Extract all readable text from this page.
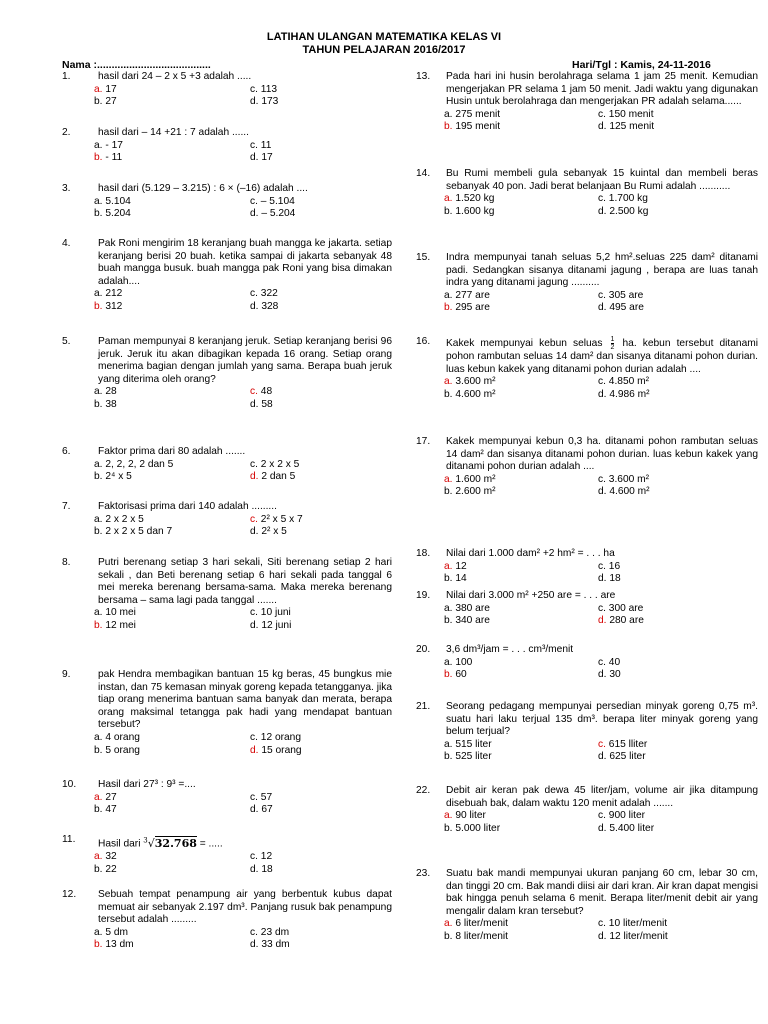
LATIHAN ULANGAN MATEMATIKA KELAS VI
TAHUN PELAJARAN 2016/2017
Nama :.......................................	Hari/Tgl : Kamis, 24-11-2016
1.	hasil dari 24 – 2 x 5 +3 adalah .....
a. 17	c. 113
b. 27	d. 173
2.	hasil dari – 14 +21 : 7 adalah ......
a. - 17	c. 11
b. - 11	d. 17
3.	hasil dari (5.129 – 3.215) : 6 × (–16) adalah ....
a. 5.104	c. – 5.104
b. 5.204	d. – 5.204
4.	Pak Roni mengirim 18 keranjang buah mangga ke jakarta. setiap keranjang berisi 20 buah. ketika sampai di jakarta sebanyak 48 buah mangga busuk. buah mangga pak Roni yang bisa dimakan adalah....
a. 212	c. 322
b. 312	d. 328
5.	Paman mempunyai 8 keranjang jeruk. Setiap keranjang berisi 96 jeruk. Jeruk itu akan dibagikan kepada 16 orang. Setiap orang menerima bagian dengan jumlah yang sama. Berapa buah jeruk yang diterima oleh orang?
a. 28	c. 48
b. 38	d. 58
6.	Faktor prima dari 80 adalah .......
a. 2, 2, 2, 2 dan 5	c. 2 x 2 x 5
b. 2⁴ x 5	d. 2 dan 5
7.	Faktorisasi prima dari 140 adalah .........
a. 2 x 2 x 5	c. 2² x 5 x 7
b. 2 x 2 x 5 dan 7	d. 2² x 5
8.	Putri berenang setiap 3 hari sekali, Siti berenang setiap 2 hari sekali , dan Beti berenang setiap 6 hari sekali pada tanggal 6 mei mereka berenang bersama-sama. Maka mereka berenang bersama – sama lagi pada tanggal .......
a. 10 mei	c. 10 juni
b. 12 mei	d. 12 juni
9.	pak Hendra membagikan bantuan 15 kg beras, 45 bungkus mie instan, dan 75 kemasan minyak goreng kepada tetangganya. jika tiap orang menerima bantuan sama banyak dan merata, berapa orang maksimal tetangga pak hadi yang mendapat bantuan tersebut?
a. 4 orang	c. 12 orang
b. 5 orang	d. 15 orang
10. Hasil dari 27³ : 9³ =....
a. 27	c. 57
b. 47	d. 67
11. Hasil dari $^3$√32.768 = .....
a. 32	c. 12
b. 22	d. 18
12. Sebuah tempat penampung air yang berbentuk kubus dapat memuat air sebanyak 2.197 dm³. Panjang rusuk bak penampung tersebut adalah .........
a. 5 dm	c. 23 dm
b. 13 dm	d. 33 dm
13. Pada hari ini husin berolahraga selama 1 jam 25 menit. Kemudian mengerjakan PR selama 1 jam 50 menit. Jadi waktu yang digunakan Husin untuk berolahraga dan mengerjakan PR adalah selama......
a. 275 menit	c. 150 menit
b. 195 menit	d. 125 menit
14. Bu Rumi membeli gula sebanyak 15 kuintal dan membeli beras sebanyak 40 pon. Jadi berat belanjaan Bu Rumi adalah ...........
a. 1.520 kg	c. 1.700 kg
b. 1.600 kg	d. 2.500 kg
15. Indra mempunyai tanah seluas 5,2 hm².seluas 225 dam² ditanami padi. Sedangkan sisanya ditanami jagung , berapa are luas tanah indra yang ditanami jagung ..........
a. 277 are	c. 305 are
b. 295 are	d. 495 are
16. Kakek mempunyai kebun seluas $\frac{1}{2}$ ha. kebun tersebut ditanami pohon rambutan seluas 14 dam² dan sisanya ditanami pohon durian. luas kebun kakek yang ditanami pohon durian adalah ....
a. 3.600 m²	c. 4.850 m²
b. 4.600 m²	d. 4.986 m²
17. Kakek mempunyai kebun 0,3 ha. ditanami pohon rambutan seluas 14 dam² dan sisanya ditanami pohon durian. luas kebun kakek yang ditanami pohon durian adalah ....
a. 1.600 m²	c. 3.600 m²
b. 2.600 m²	d. 4.600 m²
18. Nilai dari 1.000 dam² +2 hm² = . . . ha
a. 12	c. 16
b. 14	d. 18
19. Nilai dari 3.000 m² +250 are = . . . are
a. 380 are	c. 300 are
b. 340 are	d. 280 are
20. 3,6 dm³/jam = . . . cm³/menit
a. 100	c. 40
b. 60	d. 30
21. Seorang pedagang mempunyai persedian minyak goreng 0,75 m³. suatu hari laku terjual 135 dm³. berapa liter minyak goreng yang belum terjual?
a. 515 liter	c. 615 lliter
b. 525 liter	d. 625 liter
22. Debit air keran pak dewa 45 liter/jam, volume air jika ditampung disebuah bak, dalam waktu 120 menit adalah .......
a. 90 liter	c. 900 liter
b. 5.000 liter	d. 5.400 liter
23. Suatu bak mandi mempunyai ukuran panjang 60 cm, lebar 30 cm, dan tinggi 20 cm. Bak mandi diisi air dari kran. Air kran dapat mengisi bak hingga penuh selama 6 menit. Berapa liter/menit debit air yang mengalir dalam kran tersebut?
a. 6 liter/menit	c. 10 liter/menit
b. 8 liter/menit	d. 12 liter/menit
